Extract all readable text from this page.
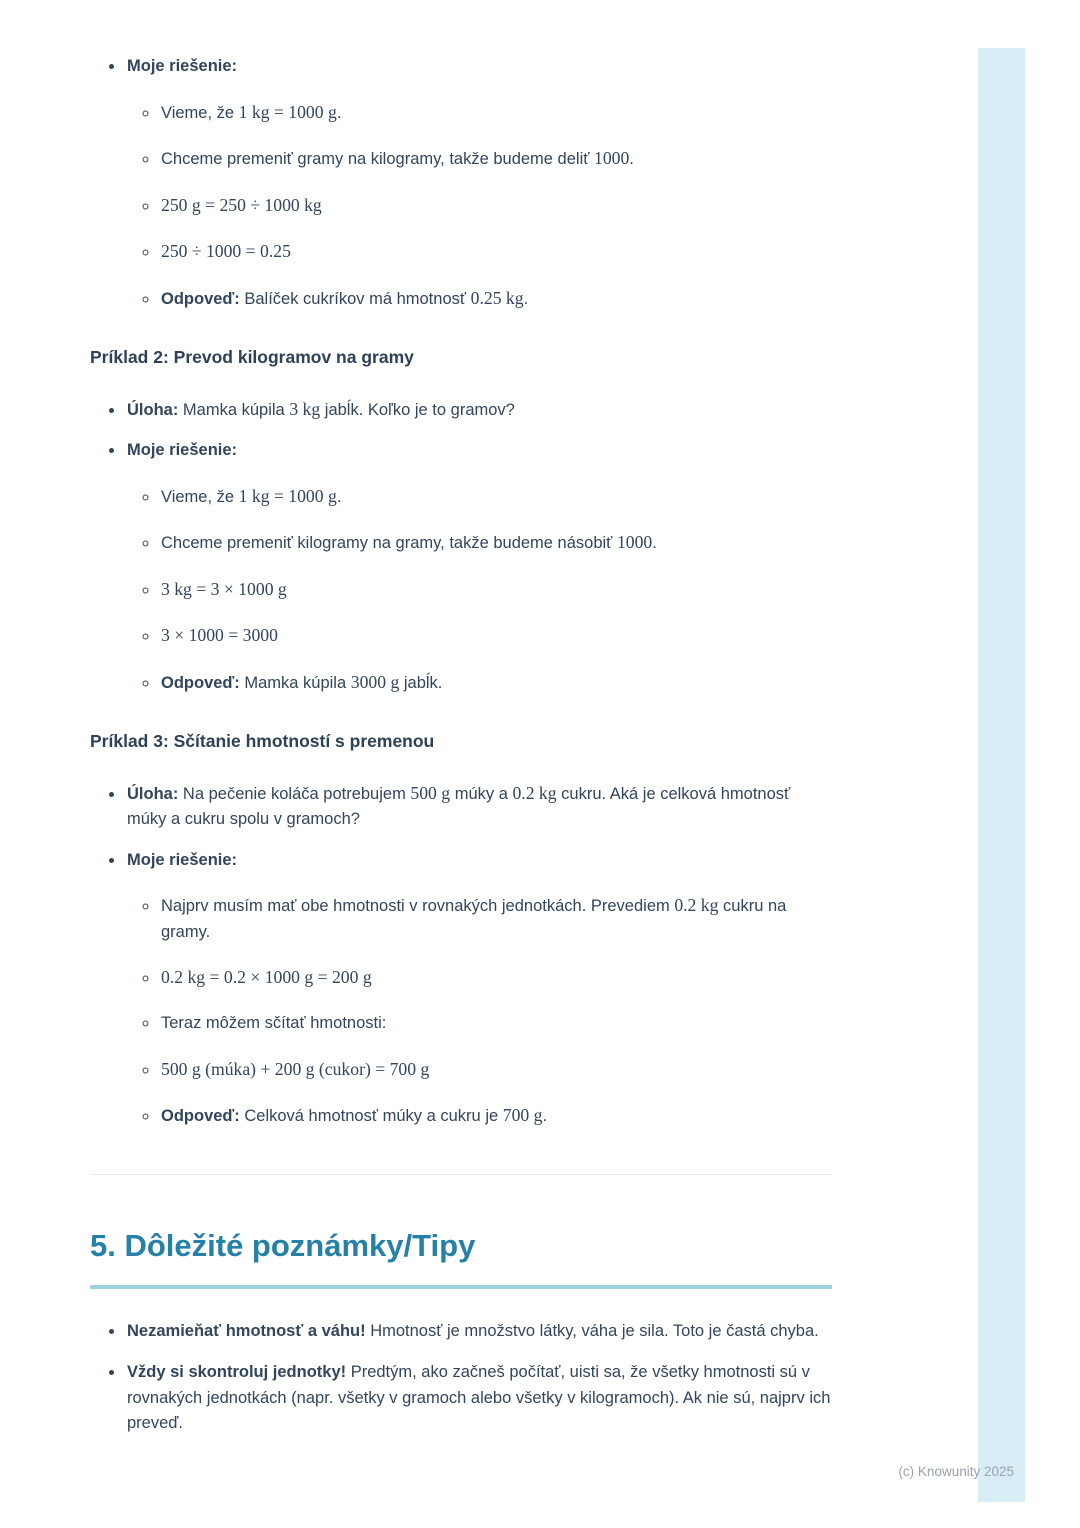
• Moje riešenie:
◦ Vieme, že 1 kg = 1000 g.
◦ Chceme premeniť gramy na kilogramy, takže budeme deliť 1000.
◦ 250 g = 250 ÷ 1000 kg
◦ 250 ÷ 1000 = 0.25
◦ Odpoveď: Balíček cukríkov má hmotnosť 0.25 kg.
Príklad 2: Prevod kilogramov na gramy
• Úloha: Mamka kúpila 3 kg jabĺk. Koľko je to gramov?
• Moje riešenie:
◦ Vieme, že 1 kg = 1000 g.
◦ Chceme premeniť kilogramy na gramy, takže budeme násobiť 1000.
◦ 3 kg = 3 × 1000 g
◦ 3 × 1000 = 3000
◦ Odpoveď: Mamka kúpila 3000 g jabĺk.
Príklad 3: Sčítanie hmotností s premenou
• Úloha: Na pečenie koláča potrebujem 500 g múky a 0.2 kg cukru. Aká je celková hmotnosť múky a cukru spolu v gramoch?
• Moje riešenie:
◦ Najprv musím mať obe hmotnosti v rovnakých jednotkách. Prevediem 0.2 kg cukru na gramy.
◦ 0.2 kg = 0.2 × 1000 g = 200 g
◦ Teraz môžem sčítať hmotnosti:
◦ 500 g (múka) + 200 g (cukor) = 700 g
◦ Odpoveď: Celková hmotnosť múky a cukru je 700 g.
5. Dôležité poznámky/Tipy
• Nezamieňať hmotnosť a váhu! Hmotnosť je množstvo látky, váha je sila. Toto je častá chyba.
• Vždy si skontroluj jednotky! Predtým, ako začneš počítať, uisti sa, že všetky hmotnosti sú v rovnakých jednotkách (napr. všetky v gramoch alebo všetky v kilogramoch). Ak nie sú, najprv ich preveď.
(c) Knowunity 2025
